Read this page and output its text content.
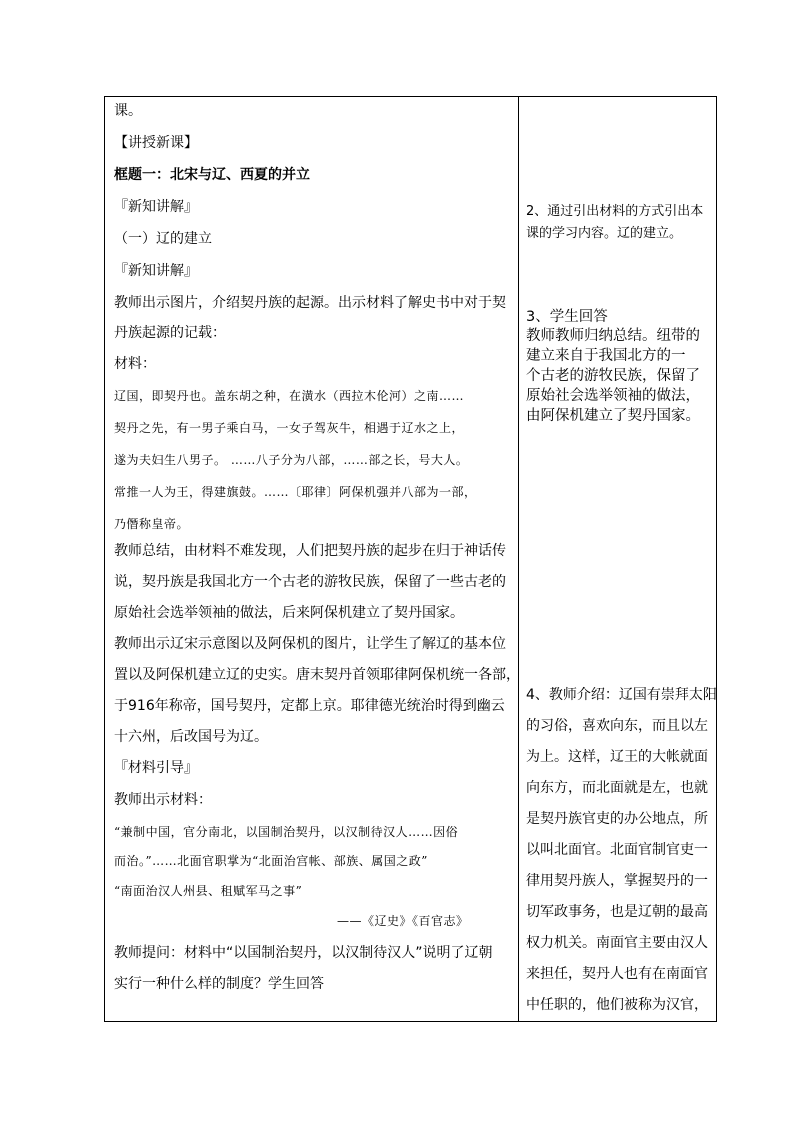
课。
【讲授新课】
框题一：北宋与辽、西夏的并立
『新知讲解』
（一）辽的建立
『新知讲解』
教师出示图片，介绍契丹族的起源。出示材料了解史书中对于契
丹族起源的记载：
材料：
辽国，即契丹也。盖东胡之种，在潢水（西拉木伦河）之南……
契丹之先，有一男子乘白马，一女子驾灰牛，相遇于辽水之上，
遂为夫妇生八男子。 ……八子分为八部，……部之长，号大人。
常推一人为王，得建旗鼓。……〔耶律〕阿保机强并八部为一部，
乃僭称皇帝。
教师总结，由材料不难发现，人们把契丹族的起步在归于神话传
说，契丹族是我国北方一个古老的游牧民族，保留了一些古老的
原始社会选举领袖的做法，后来阿保机建立了契丹国家。
教师出示辽宋示意图以及阿保机的图片，让学生了解辽的基本位
置以及阿保机建立辽的史实。唐末契丹首领耶律阿保机统一各部，
于916年称帝，国号契丹，定都上京。耶律德光统治时得到幽云
十六州，后改国号为辽。
『材料引导』
教师出示材料：
“兼制中国，官分南北，以国制治契丹，以汉制待汉人……因俗
而治。”……北面官职掌为“北面治宫帐、部族、属国之政”
“南面治汉人州县、租赋军马之事”
——《辽史》《百官志》
教师提问：材料中“以国制治契丹，以汉制待汉人”说明了辽朝
实行一种什么样的制度？学生回答
2、通过引出材料的方式引出本
课的学习内容。辽的建立。
3、学生回答
教师教师归纳总结。纽带的
建立来自于我国北方的一
个古老的游牧民族，保留了
原始社会选举领袖的做法，
由阿保机建立了契丹国家。
4、教师介绍：辽国有崇拜太阳
的习俗，喜欢向东，而且以左
为上。这样，辽王的大帐就面
向东方，而北面就是左，也就
是契丹族官吏的办公地点，所
以叫北面官。北面官制官吏一
律用契丹族人，掌握契丹的一
切军政事务，也是辽朝的最高
权力机关。南面官主要由汉人
来担任，契丹人也有在南面官
中任职的，他们被称为汉官，
